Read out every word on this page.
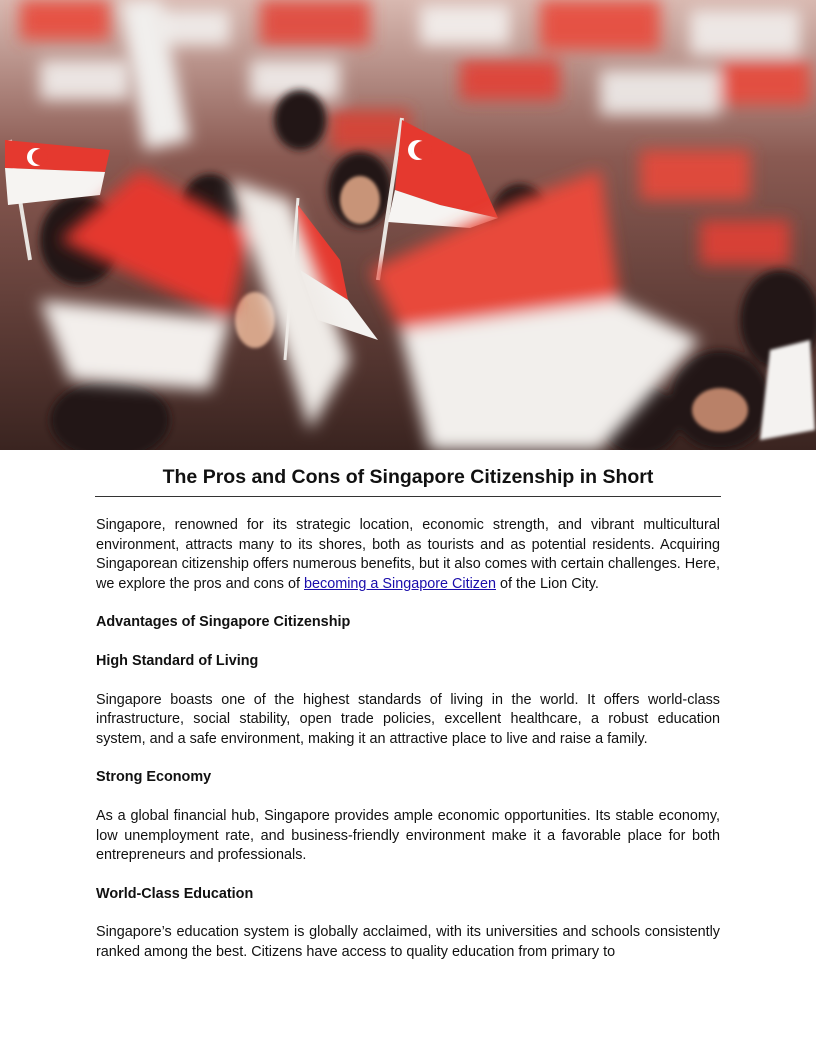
The Pros and Cons of Singapore Citizenship in Short

Singapore, renowned for its strategic location, economic strength, and vibrant multicultural environment, attracts many to its shores, both as tourists and as potential residents. Acquiring Singaporean citizenship offers numerous benefits, but it also comes with certain challenges. Here, we explore the pros and cons of becoming a Singapore Citizen of the Lion City.

Advantages of Singapore Citizenship
High Standard of Living

Singapore boasts one of the highest standards of living in the world. It offers world-class infrastructure, social stability, open trade policies, excellent healthcare, a robust education system, and a safe environment, making it an attractive place to live and raise a family.

Strong Economy

As a global financial hub, Singapore provides ample economic opportunities. Its stable economy, low unemployment rate, and business-friendly environment make it a favorable place for both entrepreneurs and professionals.

World-Class Education

Singapore’s education system is globally acclaimed, with its universities and schools consistently ranked among the best. Citizens have access to quality education from primary to
